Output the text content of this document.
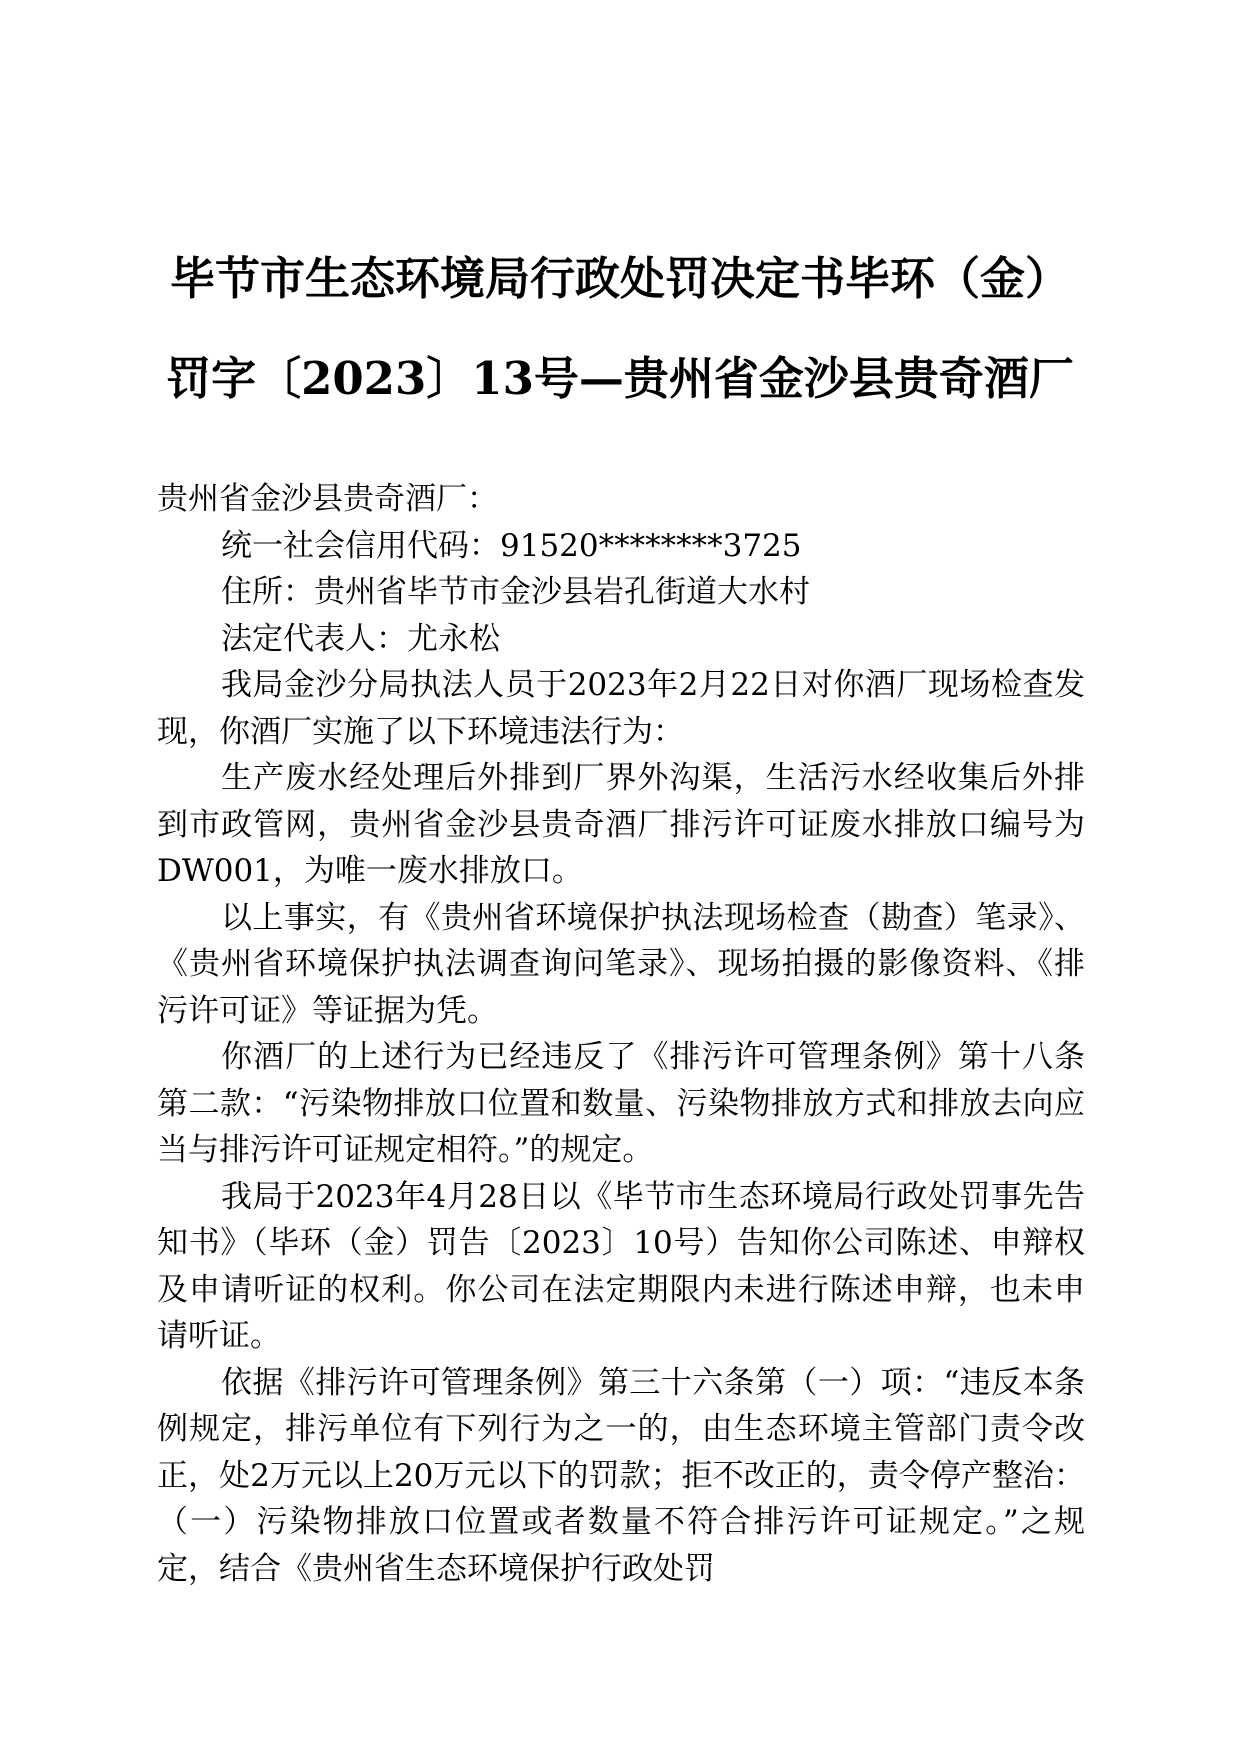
毕节市生态环境局行政处罚决定书毕环（金）
罚字〔2023〕13号—贵州省金沙县贵奇酒厂

贵州省金沙县贵奇酒厂：

统一社会信用代码：91520********3725

住所：贵州省毕节市金沙县岩孔街道大水村

法定代表人：尤永松

我局金沙分局执法人员于2023年2月22日对你酒厂现场检查发现，你酒厂实施了以下环境违法行为：

生产废水经处理后外排到厂界外沟渠，生活污水经收集后外排到市政管网，贵州省金沙县贵奇酒厂排污许可证废水排放口编号为DW001，为唯一废水排放口。

以上事实，有《贵州省环境保护执法现场检查（勘查）笔录》、《贵州省环境保护执法调查询问笔录》、现场拍摄的影像资料、《排污许可证》等证据为凭。

你酒厂的上述行为已经违反了《排污许可管理条例》第十八条第二款：“污染物排放口位置和数量、污染物排放方式和排放去向应当与排污许可证规定相符。”的规定。

我局于2023年4月28日以《毕节市生态环境局行政处罚事先告知书》（毕环（金）罚告〔2023〕10号）告知你公司陈述、申辩权及申请听证的权利。你公司在法定期限内未进行陈述申辩，也未申请听证。

依据《排污许可管理条例》第三十六条第（一）项：“违反本条例规定，排污单位有下列行为之一的，由生态环境主管部门责令改正，处2万元以上20万元以下的罚款；拒不改正的，责令停产整治：（一）污染物排放口位置或者数量不符合排污许可证规定。”之规定，结合《贵州省生态环境保护行政处罚
